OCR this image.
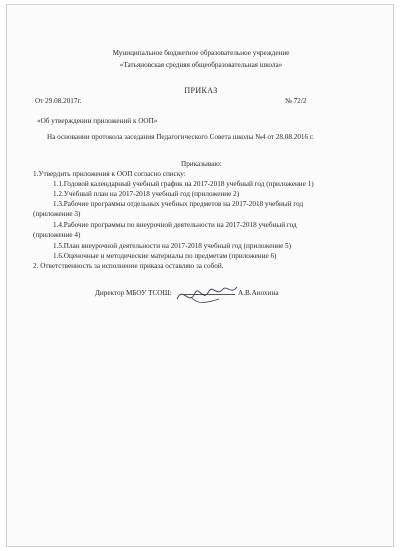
Муниципальное бюджетное образовательное учреждение
«Татьяновская средняя общеобразовательная школа»
ПРИКАЗ
От 29.08.2017г.	№ 72/2
«Об утверждении приложений к ООП»
На основании протокола заседания Педагогического Совета школы №4 от 28.08.2016 г.
Приказываю:
1.Утвердить приложения к ООП согласно списку:
1.1.Годовой календарный учебный график на 2017-2018 учебный год (приложение 1)
1.2.Учебный план на 2017-2018 учебный год (приложение 2)
1.3.Рабочие программы отдельных учебных предметов на 2017-2018 учебный год
(приложение 3)
1.4.Рабочие программы по внеурочной деятельности на 2017-2018 учебный год
(приложение 4)
1.5.План внеурочной деятельности на 2017-2018 учебный год (приложение 5)
1.6.Оценочные и методические материалы по предметам (приложение 6)
2. Ответственность за исполнение приказа оставляю за собой.
Директор МБОУ ТСОШ:	А.В.Анохина
